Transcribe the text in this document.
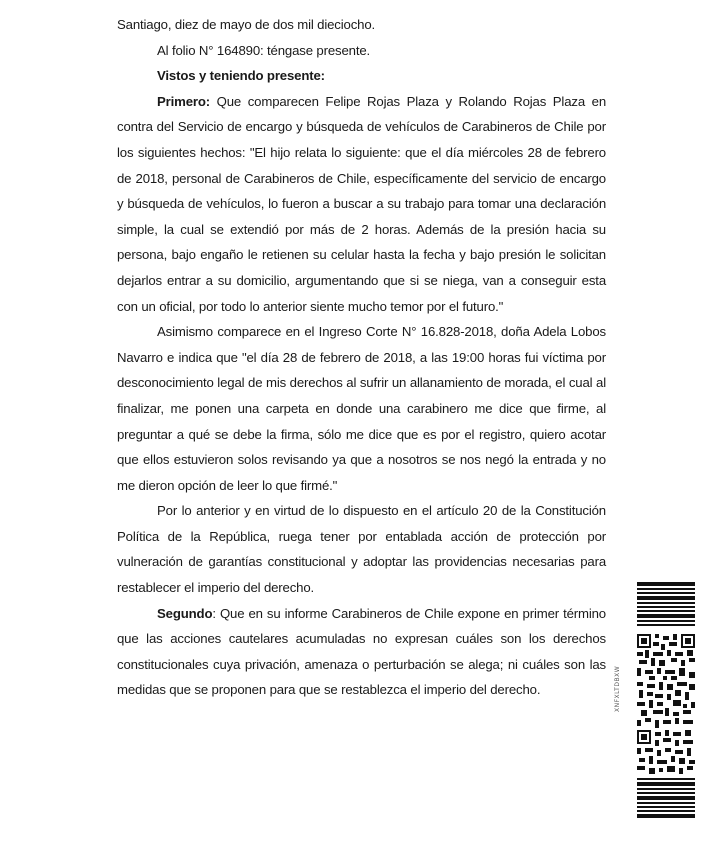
Santiago, diez de mayo de dos mil dieciocho.

Al folio N° 164890: téngase presente.

Vistos y teniendo presente:

Primero: Que comparecen Felipe Rojas Plaza y Rolando Rojas Plaza en contra del Servicio de encargo y búsqueda de vehículos de Carabineros de Chile por los siguientes hechos: "El hijo relata lo siguiente: que el día miércoles 28 de febrero de 2018, personal de Carabineros de Chile, específicamente del servicio de encargo y búsqueda de vehículos, lo fueron a buscar a su trabajo para tomar una declaración simple, la cual se extendió por más de 2 horas. Además de la presión hacia su persona, bajo engaño le retienen su celular hasta la fecha y bajo presión le solicitan dejarlos entrar a su domicilio, argumentando que si se niega, van a conseguir esta con un oficial, por todo lo anterior siente mucho temor por el futuro."

Asimismo comparece en el Ingreso Corte N° 16.828-2018, doña Adela Lobos Navarro e indica que "el día 28 de febrero de 2018, a las 19:00 horas fui víctima por desconocimiento legal de mis derechos al sufrir un allanamiento de morada, el cual al finalizar, me ponen una carpeta en donde una carabinero me dice que firme, al preguntar a qué se debe la firma, sólo me dice que es por el registro, quiero acotar que ellos estuvieron solos revisando ya que a nosotros se nos negó la entrada y no me dieron opción de leer lo que firmé."

Por lo anterior y en virtud de lo dispuesto en el artículo 20 de la Constitución Política de la República, ruega tener por entablada acción de protección por vulneración de garantías constitucional y adoptar las providencias necesarias para restablecer el imperio del derecho.

Segundo: Que en su informe Carabineros de Chile expone en primer término que las acciones cautelares acumuladas no expresan cuáles son los derechos constitucionales cuya privación, amenaza o perturbación se alega; ni cuáles son las medidas que se proponen para que se restablezca el imperio del derecho.	XNFXLTDBXW
